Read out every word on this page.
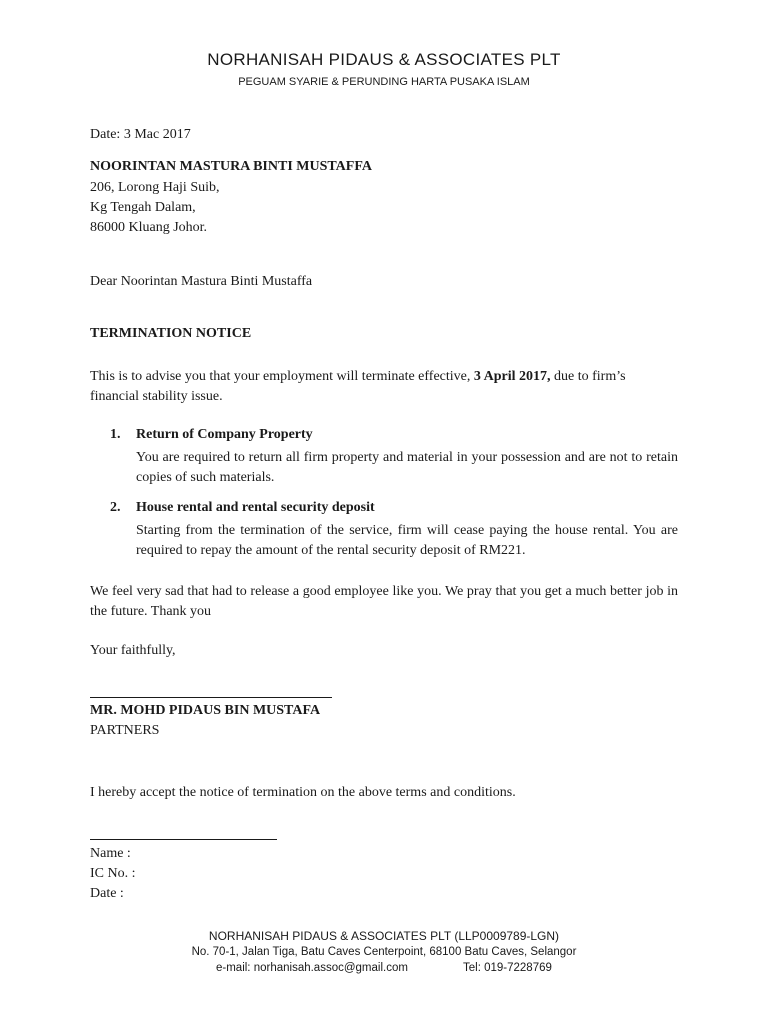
NORHANISAH PIDAUS & ASSOCIATES PLT
PEGUAM SYARIE & PERUNDING HARTA PUSAKA ISLAM
Date: 3 Mac 2017
NOORINTAN MASTURA BINTI MUSTAFFA
206, Lorong Haji Suib,
Kg Tengah Dalam,
86000 Kluang Johor.
Dear Noorintan Mastura Binti Mustaffa
TERMINATION NOTICE
This is to advise you that your employment will terminate effective, 3 April 2017, due to firm’s financial stability issue.
1. Return of Company Property
You are required to return all firm property and material in your possession and are not to retain copies of such materials.
2. House rental and rental security deposit
Starting from the termination of the service, firm will cease paying the house rental. You are required to repay the amount of the rental security deposit of RM221.
We feel very sad that had to release a good employee like you. We pray that you get a much better job in the future. Thank you
Your faithfully,
MR. MOHD PIDAUS BIN MUSTAFA
PARTNERS
I hereby accept the notice of termination on the above terms and conditions.
Name :
IC No. :
Date :
NORHANISAH PIDAUS & ASSOCIATES PLT (LLP0009789-LGN)
No. 70-1, Jalan Tiga, Batu Caves Centerpoint, 68100 Batu Caves, Selangor
e-mail: norhanisah.assoc@gmail.com	Tel: 019-7228769
